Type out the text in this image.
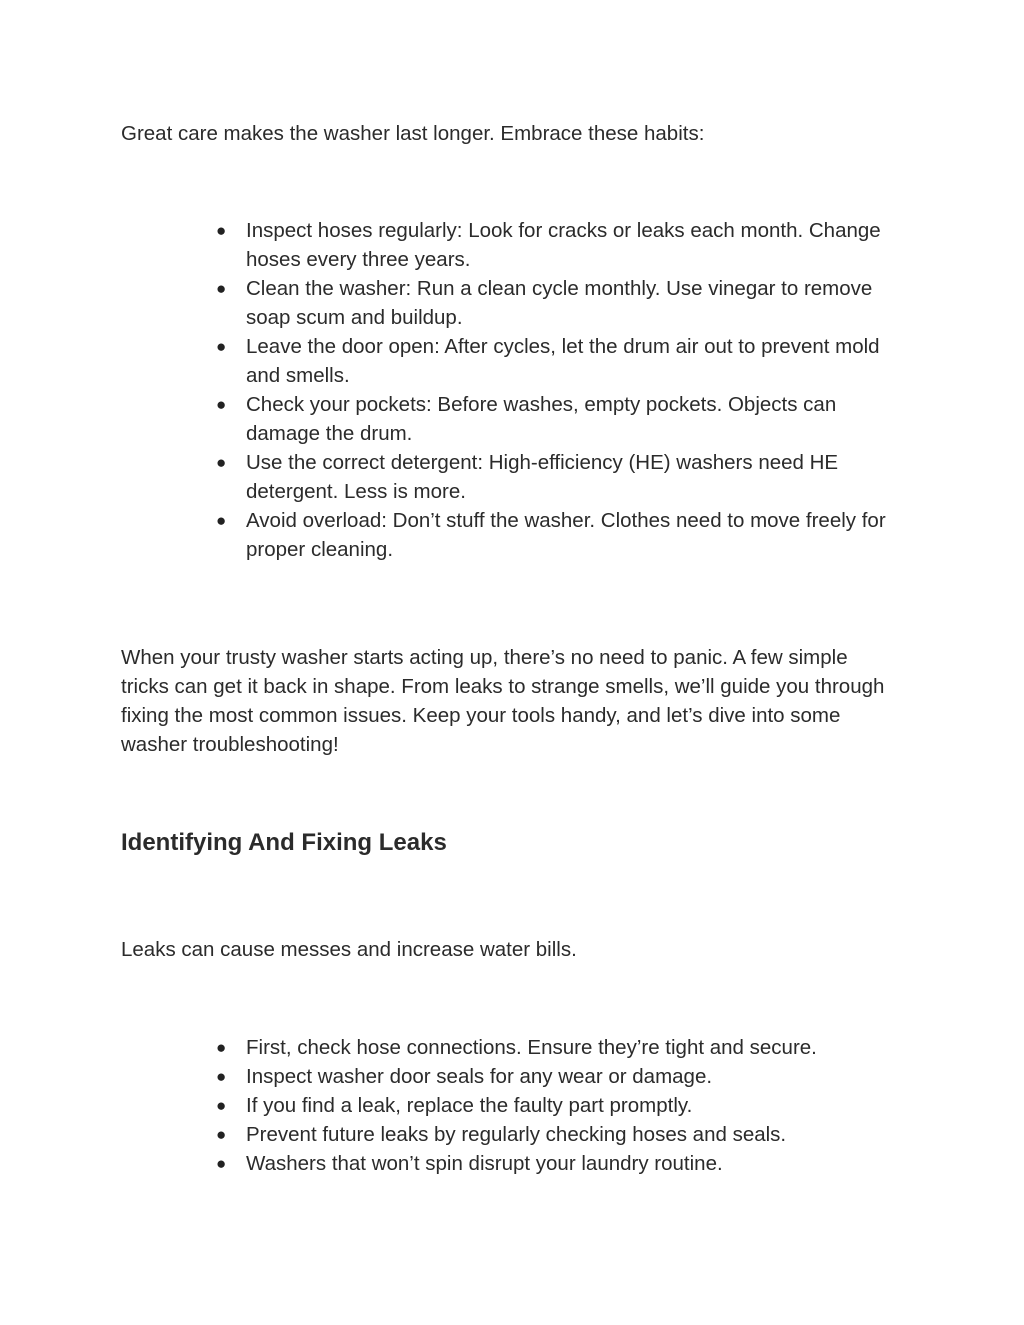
Great care makes the washer last longer. Embrace these habits:

● Inspect hoses regularly: Look for cracks or leaks each month. Change hoses every three years.
● Clean the washer: Run a clean cycle monthly. Use vinegar to remove soap scum and buildup.
● Leave the door open: After cycles, let the drum air out to prevent mold and smells.
● Check your pockets: Before washes, empty pockets. Objects can damage the drum.
● Use the correct detergent: High-efficiency (HE) washers need HE detergent. Less is more.
● Avoid overload: Don’t stuff the washer. Clothes need to move freely for proper cleaning.

When your trusty washer starts acting up, there’s no need to panic. A few simple tricks can get it back in shape. From leaks to strange smells, we’ll guide you through fixing the most common issues. Keep your tools handy, and let’s dive into some washer troubleshooting!

Identifying And Fixing Leaks

Leaks can cause messes and increase water bills.

● First, check hose connections. Ensure they’re tight and secure.
● Inspect washer door seals for any wear or damage.
● If you find a leak, replace the faulty part promptly.
● Prevent future leaks by regularly checking hoses and seals.
● Washers that won’t spin disrupt your laundry routine.
